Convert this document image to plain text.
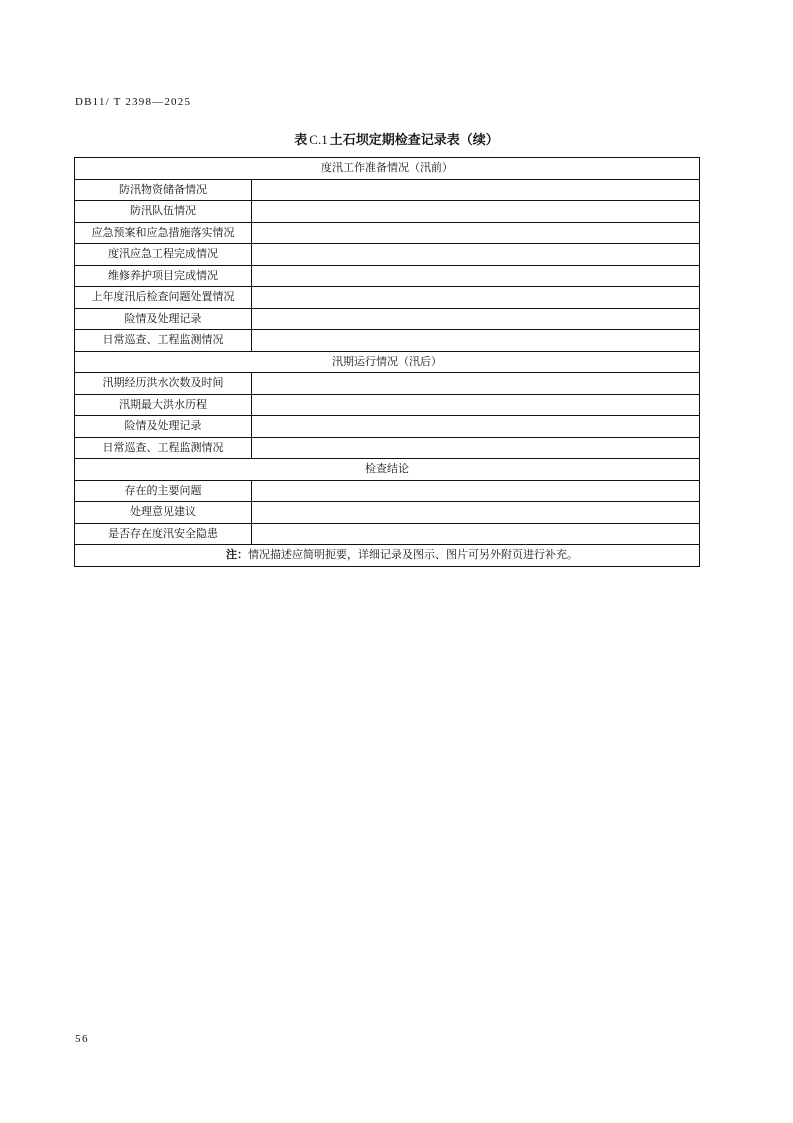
DB11/ T 2398—2025
表 C.1 土石坝定期检查记录表（续）
度汛工作准备情况（汛前）	
防汛物资储备情况	
防汛队伍情况	
应急预案和应急措施落实情况	
度汛应急工程完成情况	
维修养护项目完成情况	
上年度汛后检查问题处置情况	
险情及处理记录	
日常巡查、工程监测情况	
汛期运行情况（汛后）	
汛期经历洪水次数及时间	
汛期最大洪水历程	
险情及处理记录	
日常巡查、工程监测情况	
检查结论	
存在的主要问题	
处理意见建议	
是否存在度汛安全隐患	
注：情况描述应简明扼要，详细记录及图示、图片可另外附页进行补充。	
56
